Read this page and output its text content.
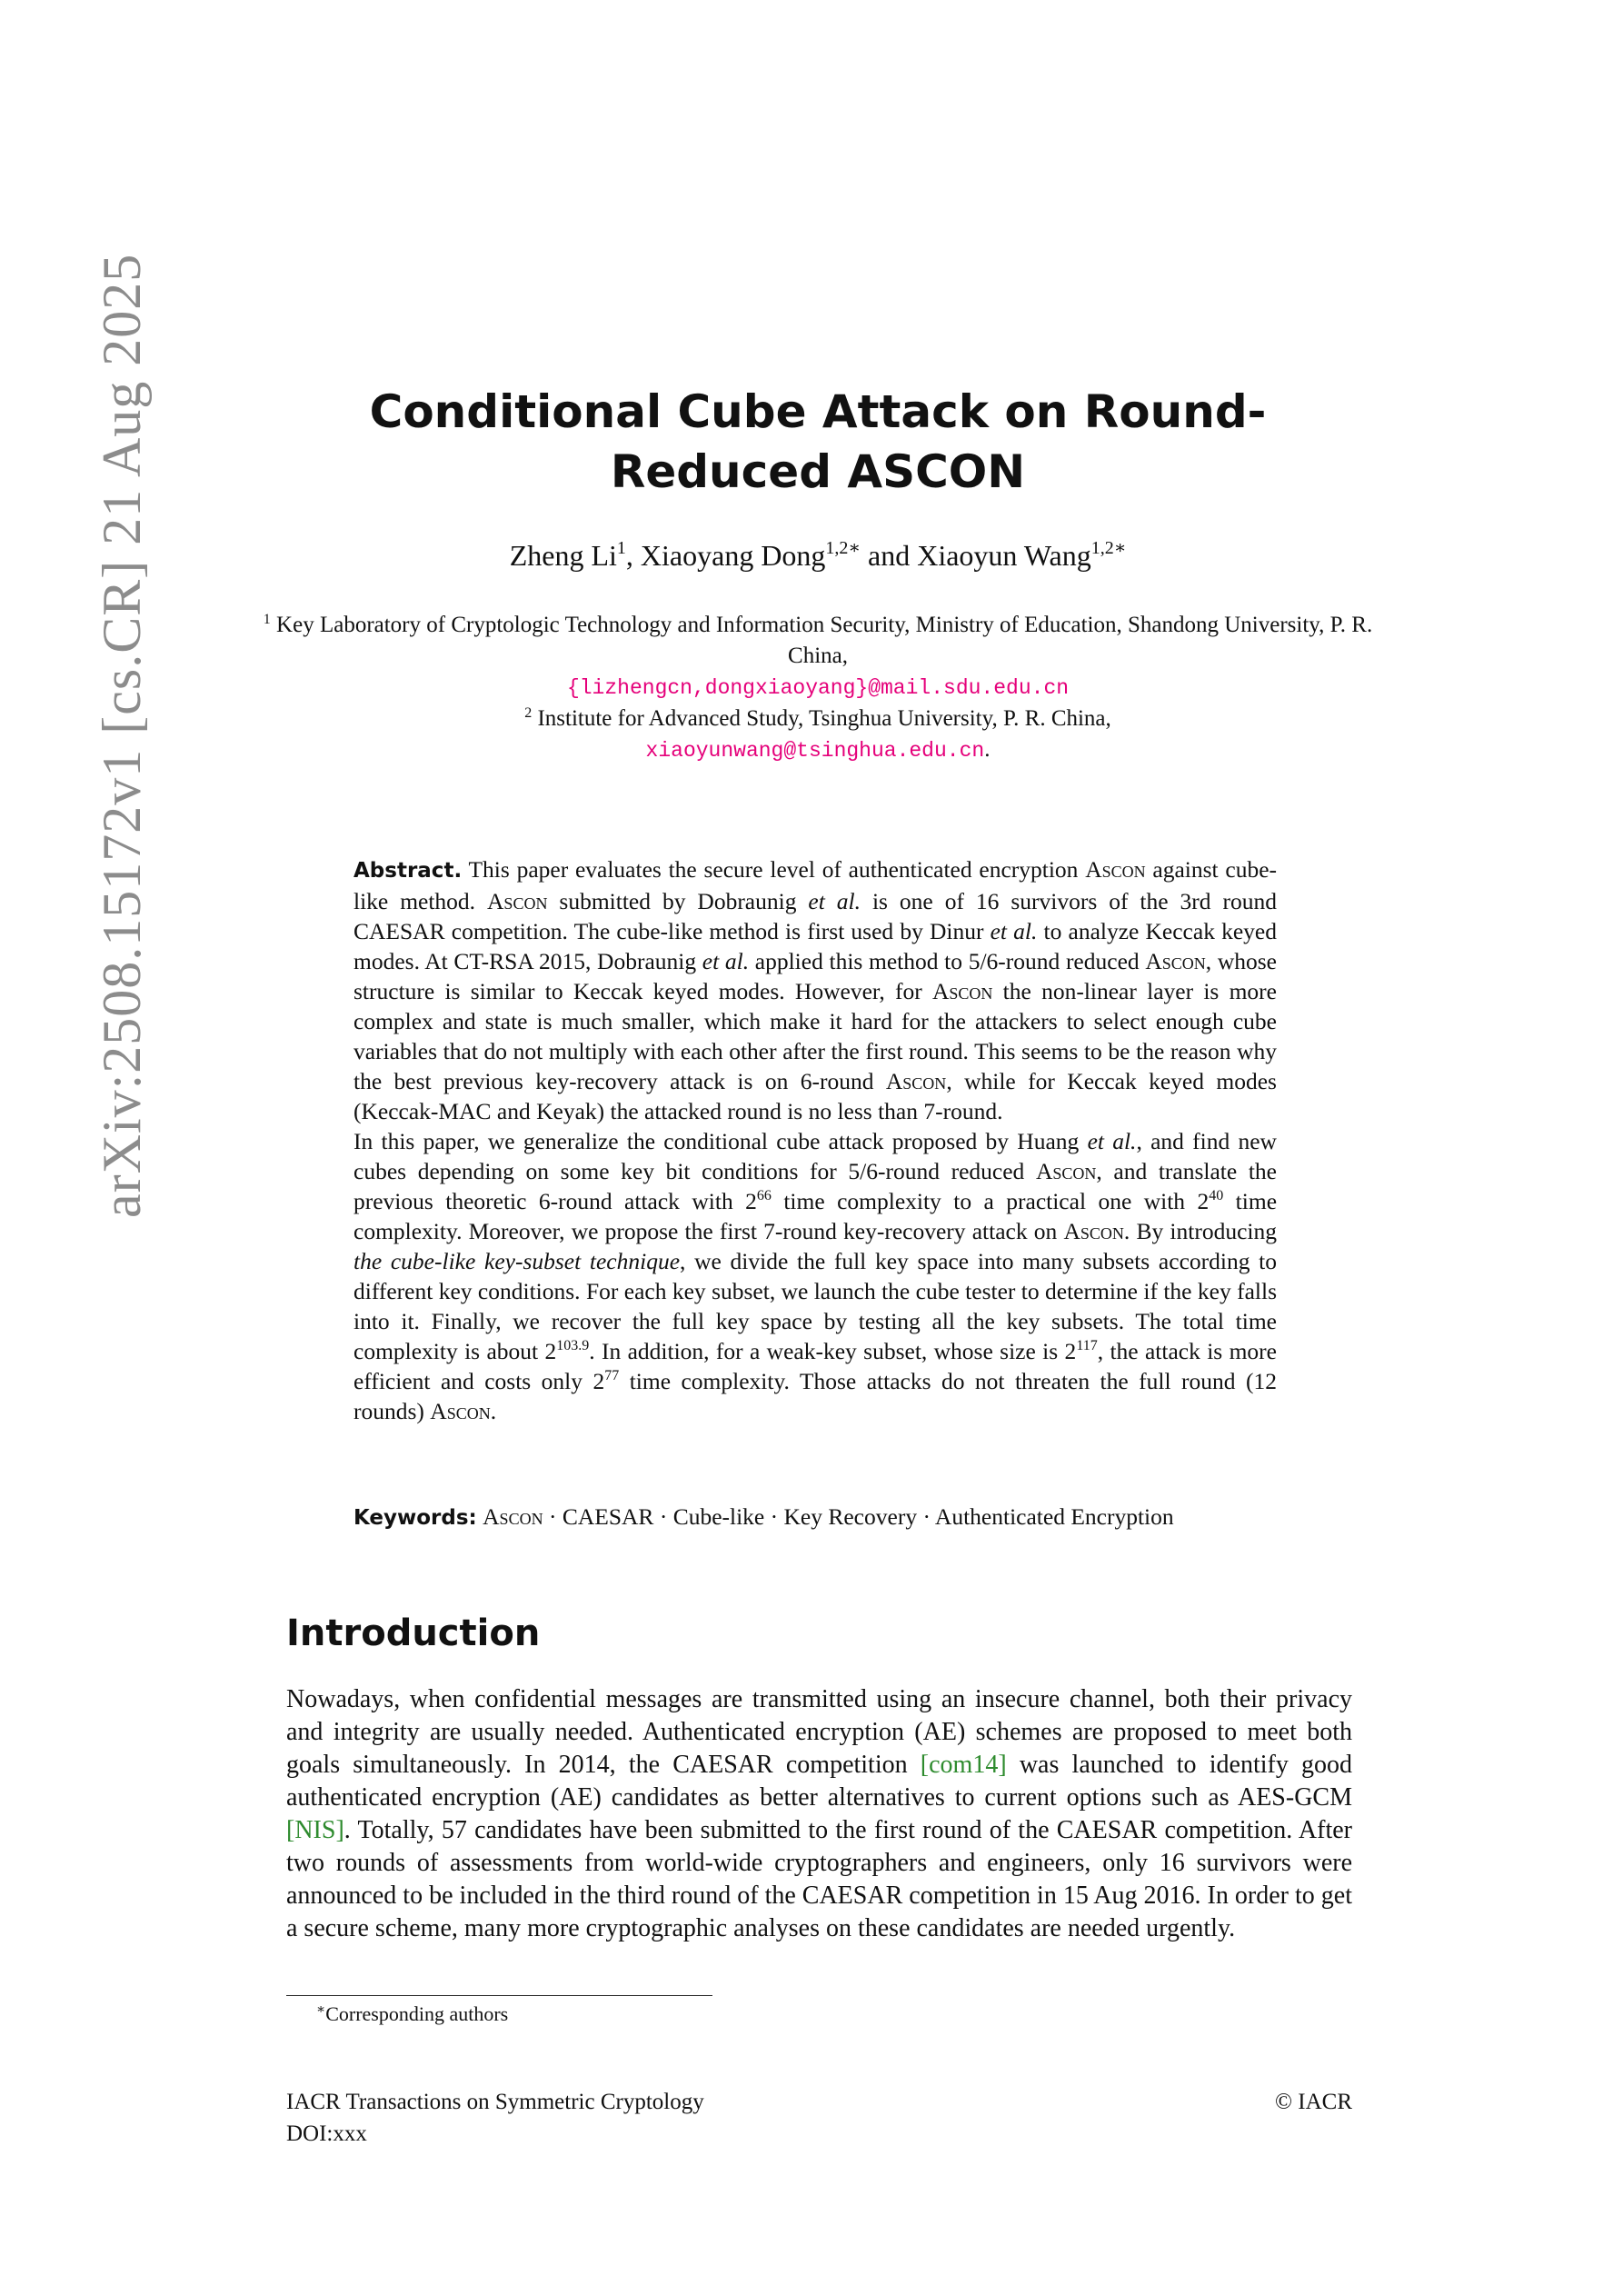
arXiv:2508.15172v1 [cs.CR] 21 Aug 2025	Conditional Cube Attack on Round-Reduced ASCON
Zheng Li$^1$, Xiaoyang Dong$^{1,2∗}$ and Xiaoyun Wang$^{1,2∗}$
$^1$ Key Laboratory of Cryptologic Technology and Information Security, Ministry of Education, Shandong University, P. R. China,
{lizhengcn,dongxiaoyang}@mail.sdu.edu.cn
$^2$ Institute for Advanced Study, Tsinghua University, P. R. China,
xiaoyunwang@tsinghua.edu.cn.

Abstract. This paper evaluates the secure level of authenticated encryption Ascon against cube-like method. Ascon submitted by Dobraunig et al. is one of 16 survivors of the 3rd round CAESAR competition. The cube-like method is first used by Dinur et al. to analyze Keccak keyed modes. At CT-RSA 2015, Dobraunig et al. applied this method to 5/6-round reduced Ascon, whose structure is similar to Keccak keyed modes. However, for Ascon the non-linear layer is more complex and state is much smaller, which make it hard for the attackers to select enough cube variables that do not multiply with each other after the first round. This seems to be the reason why the best previous key-recovery attack is on 6-round Ascon, while for Keccak keyed modes (Keccak-MAC and Keyak) the attacked round is no less than 7-round.

In this paper, we generalize the conditional cube attack proposed by Huang et al., and find new cubes depending on some key bit conditions for 5/6-round reduced Ascon, and translate the previous theoretic 6-round attack with $2^{66}$ time complexity to a practical one with $2^{40}$ time complexity. Moreover, we propose the first 7-round key-recovery attack on Ascon. By introducing the cube-like key-subset technique, we divide the full key space into many subsets according to different key conditions. For each key subset, we launch the cube tester to determine if the key falls into it. Finally, we recover the full key space by testing all the key subsets. The total time complexity is about $2^{103.9}$. In addition, for a weak-key subset, whose size is $2^{117}$, the attack is more efficient and costs only $2^{77}$ time complexity. Those attacks do not threaten the full round (12 rounds) Ascon.

Keywords: Ascon · CAESAR · Cube-like · Key Recovery · Authenticated Encryption

Introduction

Nowadays, when confidential messages are transmitted using an insecure channel, both their privacy and integrity are usually needed. Authenticated encryption (AE) schemes are proposed to meet both goals simultaneously. In 2014, the CAESAR competition [com14] was launched to identify good authenticated encryption (AE) candidates as better alternatives to current options such as AES-GCM [NIS]. Totally, 57 candidates have been submitted to the first round of the CAESAR competition. After two rounds of assessments from world-wide cryptographers and engineers, only 16 survivors were announced to be included in the third round of the CAESAR competition in 15 Aug 2016. In order to get a secure scheme, many more cryptographic analyses on these candidates are needed urgently.

∗Corresponding authors
IACR Transactions on Symmetric Cryptology
DOI:xxx
© IACR
